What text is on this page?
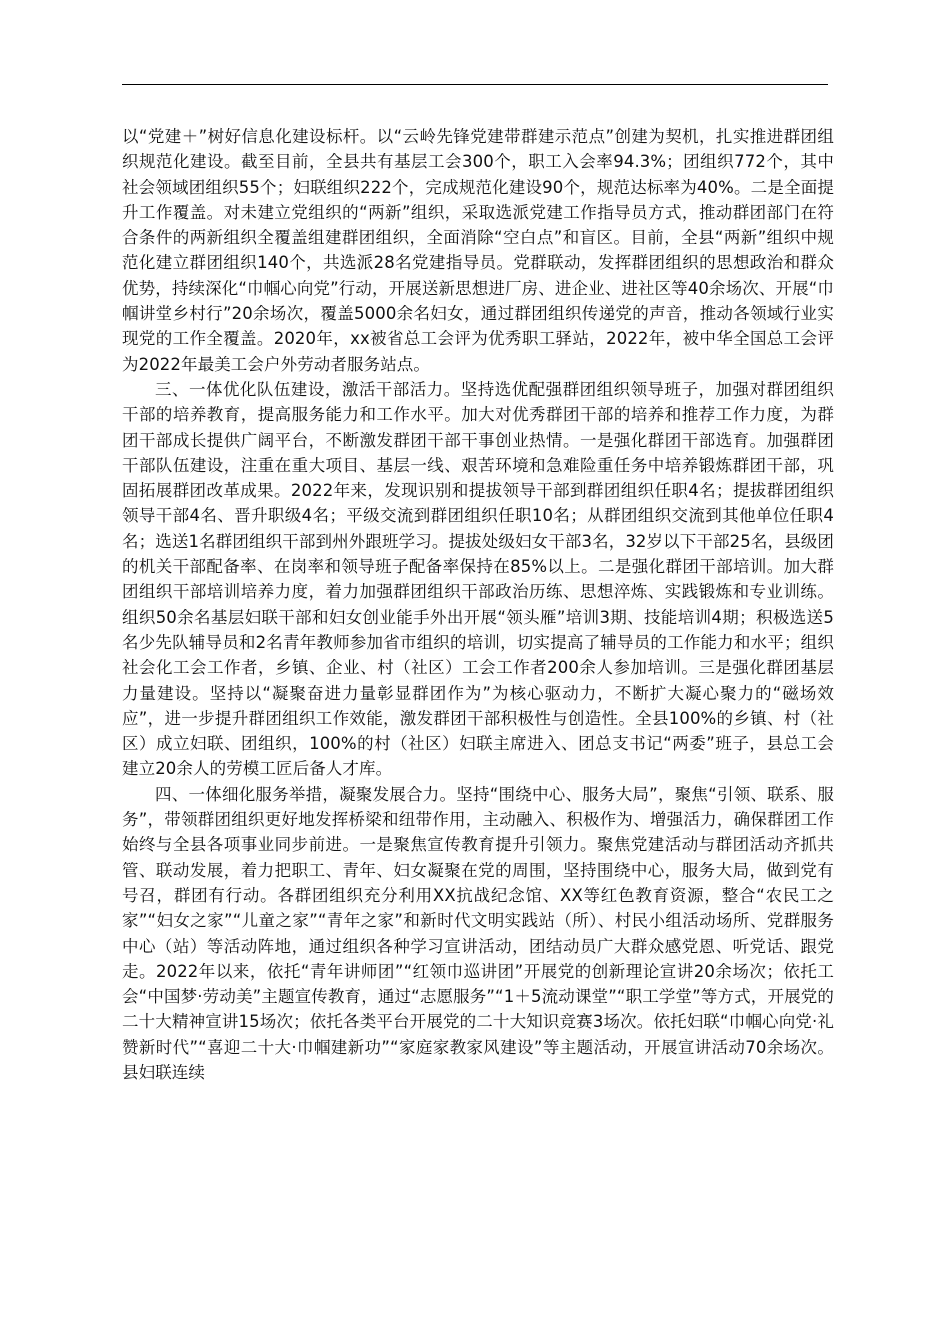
以“党建＋”树好信息化建设标杆。以“云岭先锋党建带群建示范点”创建为契机，扎实推进群团组织规范化建设。截至目前，全县共有基层工会300个，职工入会率94.3%；团组织772个，其中社会领域团组织55个；妇联组织222个，完成规范化建设90个，规范达标率为40%。二是全面提升工作覆盖。对未建立党组织的“两新”组织，采取选派党建工作指导员方式，推动群团部门在符合条件的两新组织全覆盖组建群团组织，全面消除“空白点”和盲区。目前，全县“两新”组织中规范化建立群团组织140个，共选派28名党建指导员。党群联动，发挥群团组织的思想政治和群众优势，持续深化“巾帼心向党”行动，开展送新思想进厂房、进企业、进社区等40余场次、开展“巾帼讲堂乡村行”20余场次，覆盖5000余名妇女，通过群团组织传递党的声音，推动各领域行业实现党的工作全覆盖。2020年，xx被省总工会评为优秀职工驿站，2022年，被中华全国总工会评为2022年最美工会户外劳动者服务站点。

三、一体优化队伍建设，激活干部活力。坚持选优配强群团组织领导班子，加强对群团组织干部的培养教育，提高服务能力和工作水平。加大对优秀群团干部的培养和推荐工作力度，为群团干部成长提供广阔平台，不断激发群团干部干事创业热情。一是强化群团干部选育。加强群团干部队伍建设，注重在重大项目、基层一线、艰苦环境和急难险重任务中培养锻炼群团干部，巩固拓展群团改革成果。2022年来，发现识别和提拔领导干部到群团组织任职4名；提拔群团组织领导干部4名、晋升职级4名；平级交流到群团组织任职10名；从群团组织交流到其他单位任职4名；选送1名群团组织干部到州外跟班学习。提拔处级妇女干部3名，32岁以下干部25名，县级团的机关干部配备率、在岗率和领导班子配备率保持在85%以上。二是强化群团干部培训。加大群团组织干部培训培养力度，着力加强群团组织干部政治历练、思想淬炼、实践锻炼和专业训练。组织50余名基层妇联干部和妇女创业能手外出开展“领头雁”培训3期、技能培训4期；积极选送5名少先队辅导员和2名青年教师参加省市组织的培训，切实提高了辅导员的工作能力和水平；组织社会化工会工作者，乡镇、企业、村（社区）工会工作者200余人参加培训。三是强化群团基层力量建设。坚持以“凝聚奋进力量彰显群团作为”为核心驱动力，不断扩大凝心聚力的“磁场效应”，进一步提升群团组织工作效能，激发群团干部积极性与创造性。全县100%的乡镇、村（社区）成立妇联、团组织，100%的村（社区）妇联主席进入、团总支书记“两委”班子，县总工会建立20余人的劳模工匠后备人才库。

四、一体细化服务举措，凝聚发展合力。坚持“围绕中心、服务大局”，聚焦“引领、联系、服务”，带领群团组织更好地发挥桥梁和纽带作用，主动融入、积极作为、增强活力，确保群团工作始终与全县各项事业同步前进。一是聚焦宣传教育提升引领力。聚焦党建活动与群团活动齐抓共管、联动发展，着力把职工、青年、妇女凝聚在党的周围，坚持围绕中心，服务大局，做到党有号召，群团有行动。各群团组织充分利用XX抗战纪念馆、XX等红色教育资源，整合“农民工之家”“妇女之家”“儿童之家”“青年之家”和新时代文明实践站（所）、村民小组活动场所、党群服务中心（站）等活动阵地，通过组织各种学习宣讲活动，团结动员广大群众感党恩、听党话、跟党走。2022年以来，依托“青年讲师团”“红领巾巡讲团”开展党的创新理论宣讲20余场次；依托工会“中国梦·劳动美”主题宣传教育，通过“志愿服务”“1＋5流动课堂”“职工学堂”等方式，开展党的二十大精神宣讲15场次；依托各类平台开展党的二十大知识竞赛3场次。依托妇联“巾帼心向党·礼赞新时代”“喜迎二十大·巾帼建新功”“家庭家教家风建设”等主题活动，开展宣讲活动70余场次。县妇联连续
